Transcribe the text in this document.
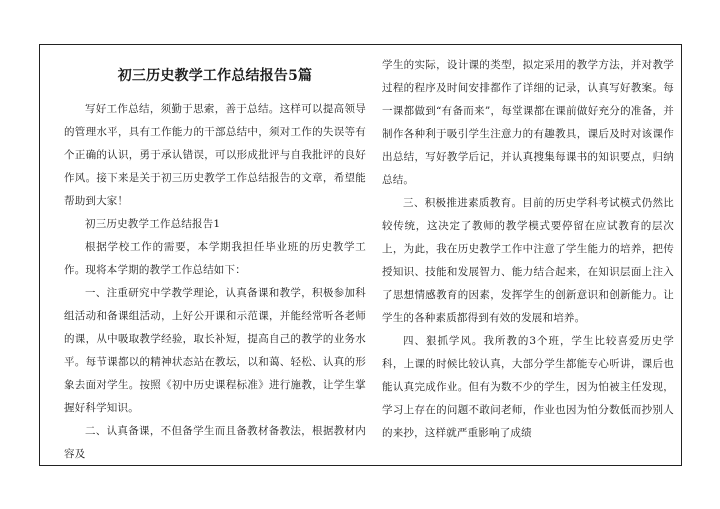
初三历史教学工作总结报告5篇

写好工作总结，须勤于思索，善于总结。这样可以提高领导的管理水平，具有工作能力的干部总结中，须对工作的失误等有个正确的认识，勇于承认错误，可以形成批评与自我批评的良好作风。接下来是关于初三历史教学工作总结报告的文章，希望能帮助到大家！

初三历史教学工作总结报告1

根据学校工作的需要，本学期我担任毕业班的历史教学工作。现将本学期的教学工作总结如下：

一、注重研究中学教学理论，认真备课和教学，积极参加科组活动和备课组活动，上好公开课和示范课，并能经常听各老师的课，从中吸取教学经验，取长补短，提高自己的教学的业务水平。每节课都以的精神状态站在教坛，以和蔼、轻松、认真的形象去面对学生。按照《初中历史课程标准》进行施教，让学生掌握好科学知识。

二、认真备课，不但备学生而且备教材备教法，根据教材内容及

学生的实际，设计课的类型，拟定采用的教学方法，并对教学过程的程序及时间安排都作了详细的记录，认真写好教案。每一课都做到“有备而来”，每堂课都在课前做好充分的准备，并制作各种利于吸引学生注意力的有趣教具，课后及时对该课作出总结，写好教学后记，并认真搜集每课书的知识要点，归纳总结。

三、积极推进素质教育。目前的历史学科考试模式仍然比较传统，这决定了教师的教学模式要停留在应试教育的层次上，为此，我在历史教学工作中注意了学生能力的培养，把传授知识、技能和发展智力、能力结合起来，在知识层面上注入了思想情感教育的因素，发挥学生的创新意识和创新能力。让学生的各种素质都得到有效的发展和培养。

四、狠抓学风。我所教的3个班，学生比较喜爱历史学科，上课的时候比较认真，大部分学生都能专心听讲，课后也能认真完成作业。但有为数不少的学生，因为怕被主任发现，学习上存在的问题不敢问老师，作业也因为怕分数低而抄别人的来抄，这样就严重影响了成绩
